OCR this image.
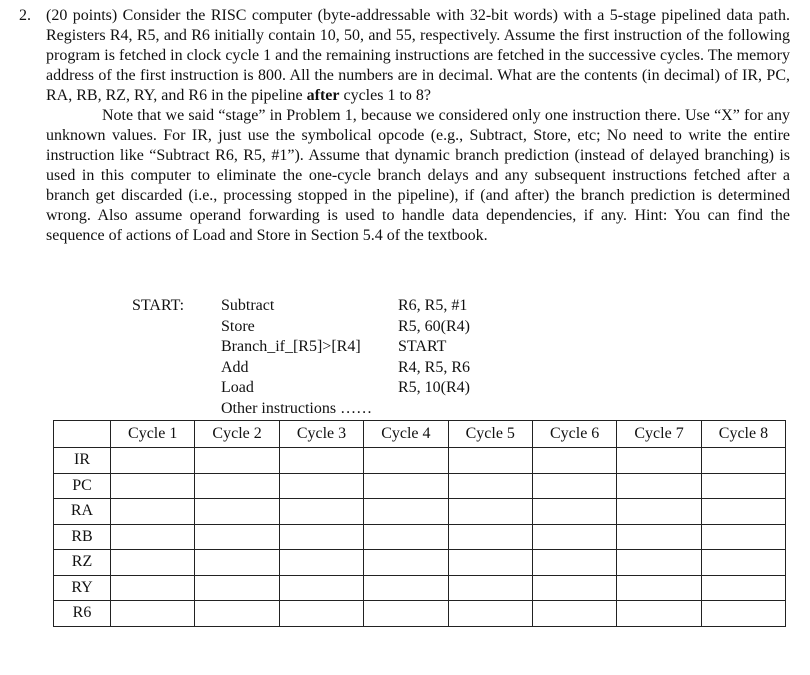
2. (20 points) Consider the RISC computer (byte-addressable with 32-bit words) with a 5-stage pipelined data path. Registers R4, R5, and R6 initially contain 10, 50, and 55, respectively. Assume the first instruction of the following program is fetched in clock cycle 1 and the remaining instructions are fetched in the successive cycles. The memory address of the first instruction is 800. All the numbers are in decimal. What are the contents (in decimal) of IR, PC, RA, RB, RZ, RY, and R6 in the pipeline after cycles 1 to 8?

Note that we said “stage” in Problem 1, because we considered only one instruction there. Use “X” for any unknown values. For IR, just use the symbolical opcode (e.g., Subtract, Store, etc; No need to write the entire instruction like “Subtract R6, R5, #1”). Assume that dynamic branch prediction (instead of delayed branching) is used in this computer to eliminate the one-cycle branch delays and any subsequent instructions fetched after a branch get discarded (i.e., processing stopped in the pipeline), if (and after) the branch prediction is determined wrong. Also assume operand forwarding is used to handle data dependencies, if any. Hint: You can find the sequence of actions of Load and Store in Section 5.4 of the textbook.

START: Subtract	R6, R5, #1
Store	R5, 60(R4)
Branch_if_[R5]>[R4] START
Add	R4, R5, R6
Load	R5, 10(R4)
Other instructions ……
	Cycle 1	Cycle 2	Cycle 3	Cycle 4	Cycle 5	Cycle 6	Cycle 7	Cycle 8
IR								
PC								
RA								
RB								
RZ								
RY								
R6								
